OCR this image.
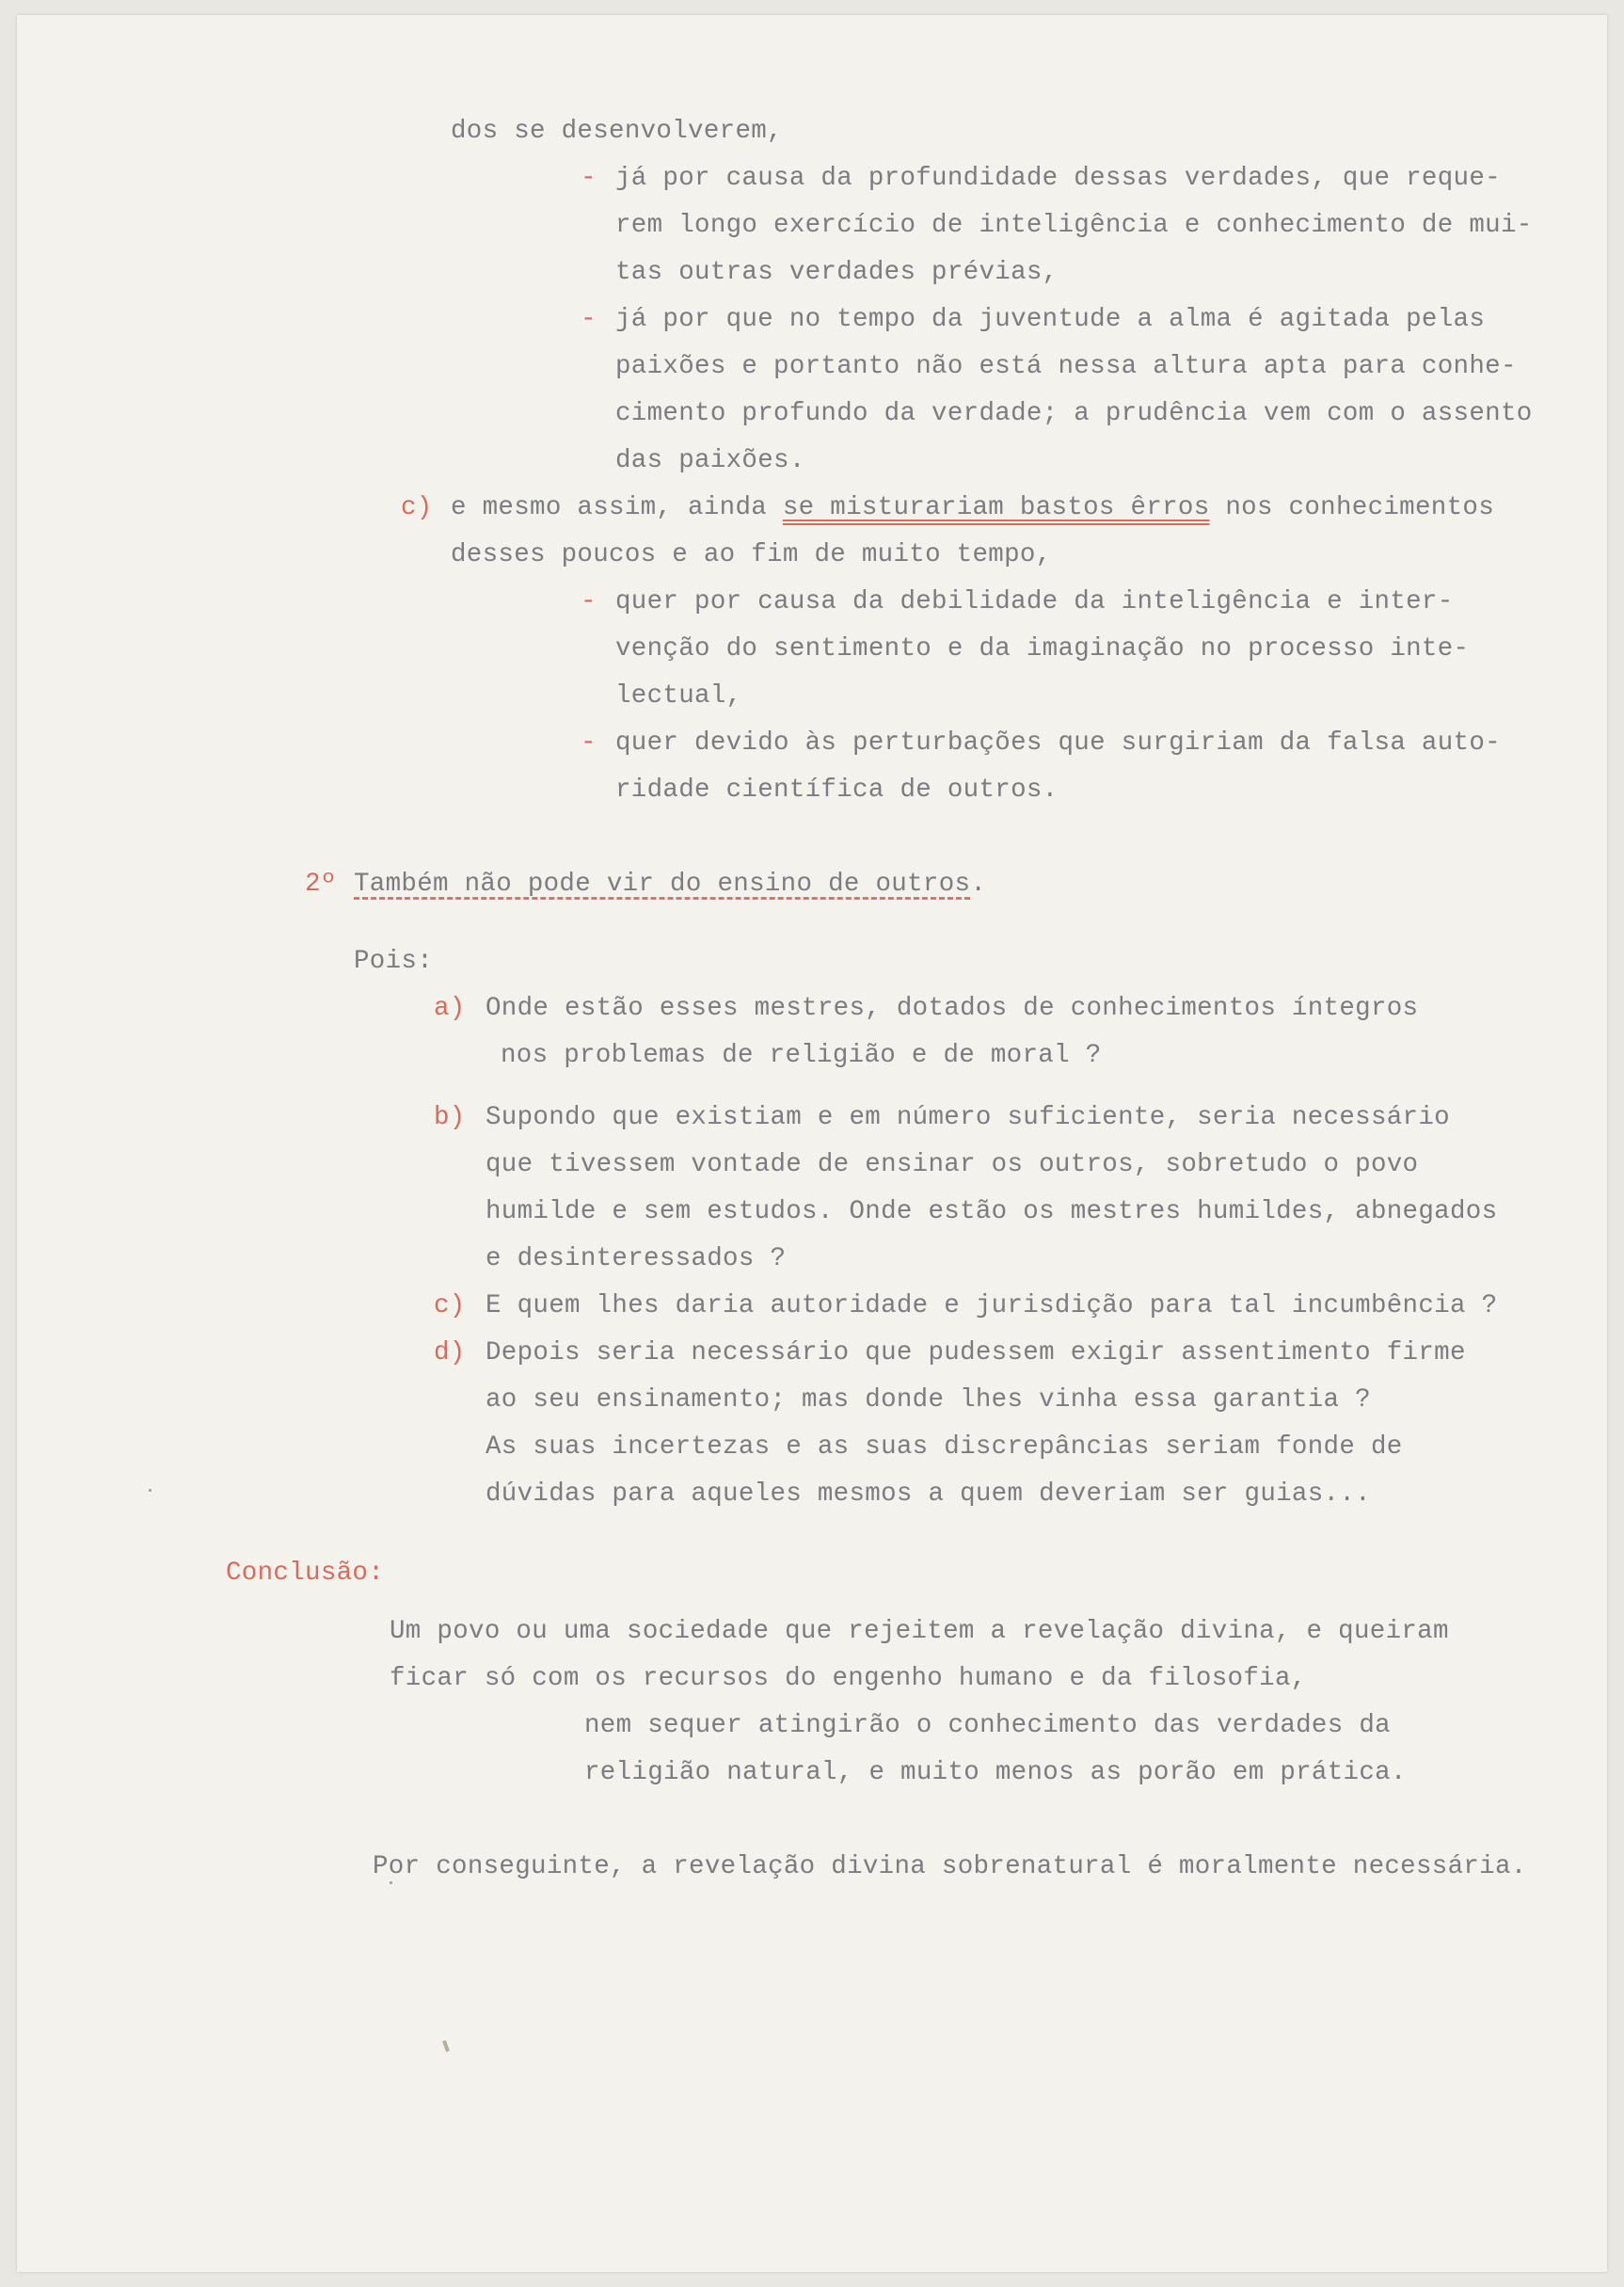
dos se desenvolverem,
- já por causa da profundidade dessas verdades, que reque-
rem longo exercício de inteligência e conhecimento de mui-
tas outras verdades prévias,
- já por que no tempo da juventude a alma é agitada pelas
paixões e portanto não está nessa altura apta para conhe-
cimento profundo da verdade; a prudência vem com o assento
das paixões.
c) e mesmo assim, ainda se misturariam bastos êrros nos conhecimentos
desses poucos e ao fim de muito tempo,
- quer por causa da debilidade da inteligência e inter-
venção do sentimento e da imaginação no processo inte-
lectual,
- quer devido às perturbações que surgiriam da falsa auto-
ridade científica de outros.
2º Também não pode vir do ensino de outros.
Pois:
a) Onde estão esses mestres, dotados de conhecimentos íntegros
nos problemas de religião e de moral ?
b) Supondo que existiam e em número suficiente, seria necessário
que tivessem vontade de ensinar os outros, sobretudo o povo
humilde e sem estudos. Onde estão os mestres humildes, abnegados
e desinteressados ?
c) E quem lhes daria autoridade e jurisdição para tal incumbência ?
d) Depois seria necessário que pudessem exigir assentimento firme
ao seu ensinamento; mas donde lhes vinha essa garantia ?
As suas incertezas e as suas discrepâncias seriam fonde de
dúvidas para aqueles mesmos a quem deveriam ser guias...
Conclusão:
Um povo ou uma sociedade que rejeitem a revelação divina, e queiram
ficar só com os recursos do engenho humano e da filosofia,
nem sequer atingirão o conhecimento das verdades da
religião natural, e muito menos as porão em prática.
Por conseguinte, a revelação divina sobrenatural é moralmente necessária.
